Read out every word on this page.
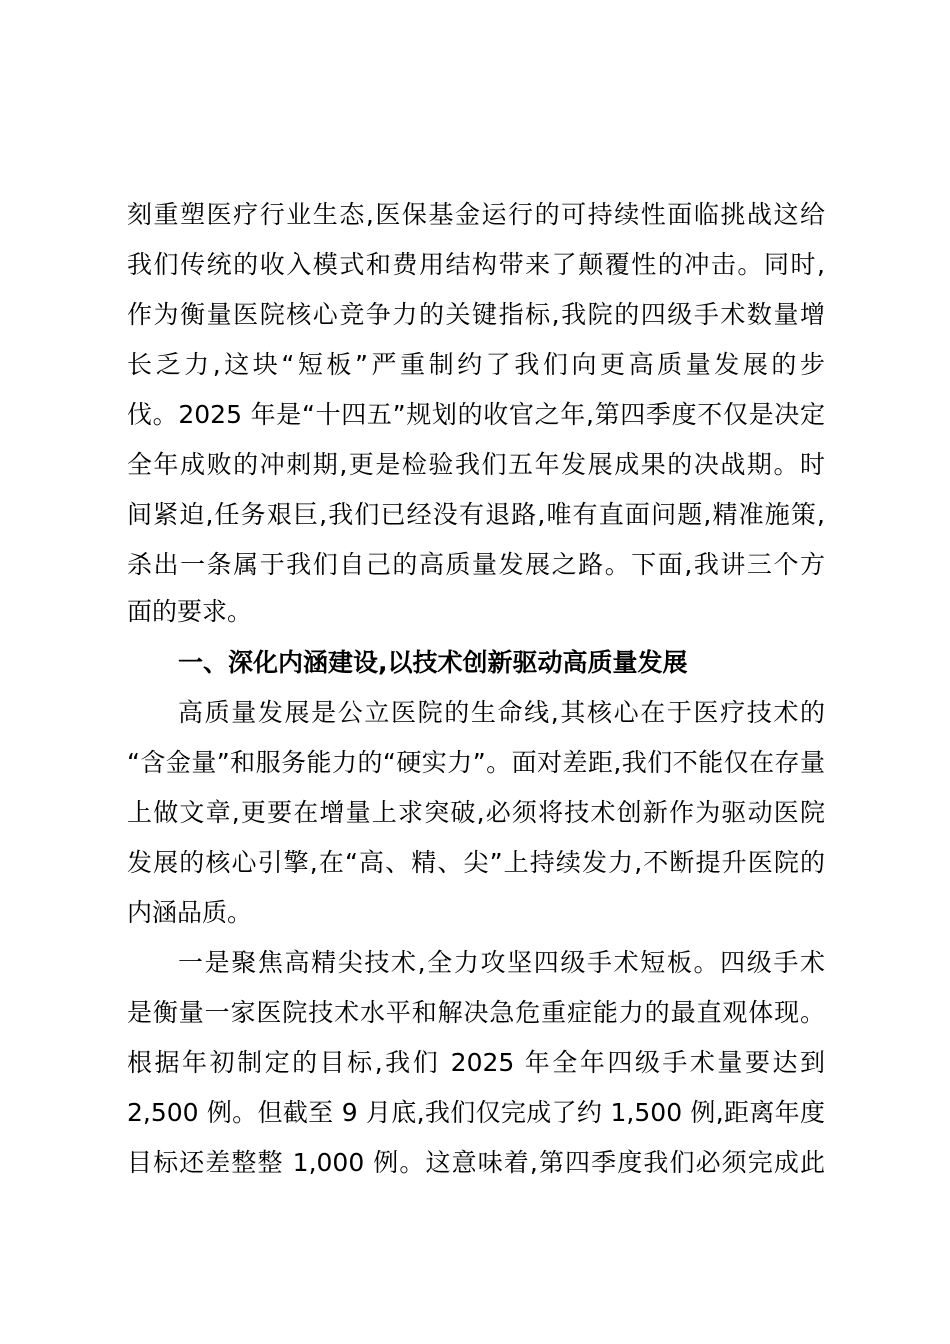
刻重塑医疗行业生态,医保基金运行的可持续性面临挑战这给
我们传统的收入模式和费用结构带来了颠覆性的冲击。同时,
作为衡量医院核心竞争力的关键指标,我院的四级手术数量增
长乏力,这块“短板”严重制约了我们向更高质量发展的步
伐。2025 年是“十四五”规划的收官之年,第四季度不仅是决定
全年成败的冲刺期,更是检验我们五年发展成果的决战期。时
间紧迫,任务艰巨,我们已经没有退路,唯有直面问题,精准施策,
杀出一条属于我们自己的高质量发展之路。下面,我讲三个方
面的要求。
一、深化内涵建设,以技术创新驱动高质量发展
高质量发展是公立医院的生命线,其核心在于医疗技术的
“含金量”和服务能力的“硬实力”。面对差距,我们不能仅在存量
上做文章,更要在增量上求突破,必须将技术创新作为驱动医院
发展的核心引擎,在“高、精、尖”上持续发力,不断提升医院的
内涵品质。
一是聚焦高精尖技术,全力攻坚四级手术短板。四级手术
是衡量一家医院技术水平和解决急危重症能力的最直观体现。
根据年初制定的目标,我们 2025 年全年四级手术量要达到
2,500 例。但截至 9 月底,我们仅完成了约 1,500 例,距离年度
目标还差整整 1,000 例。这意味着,第四季度我们必须完成此
